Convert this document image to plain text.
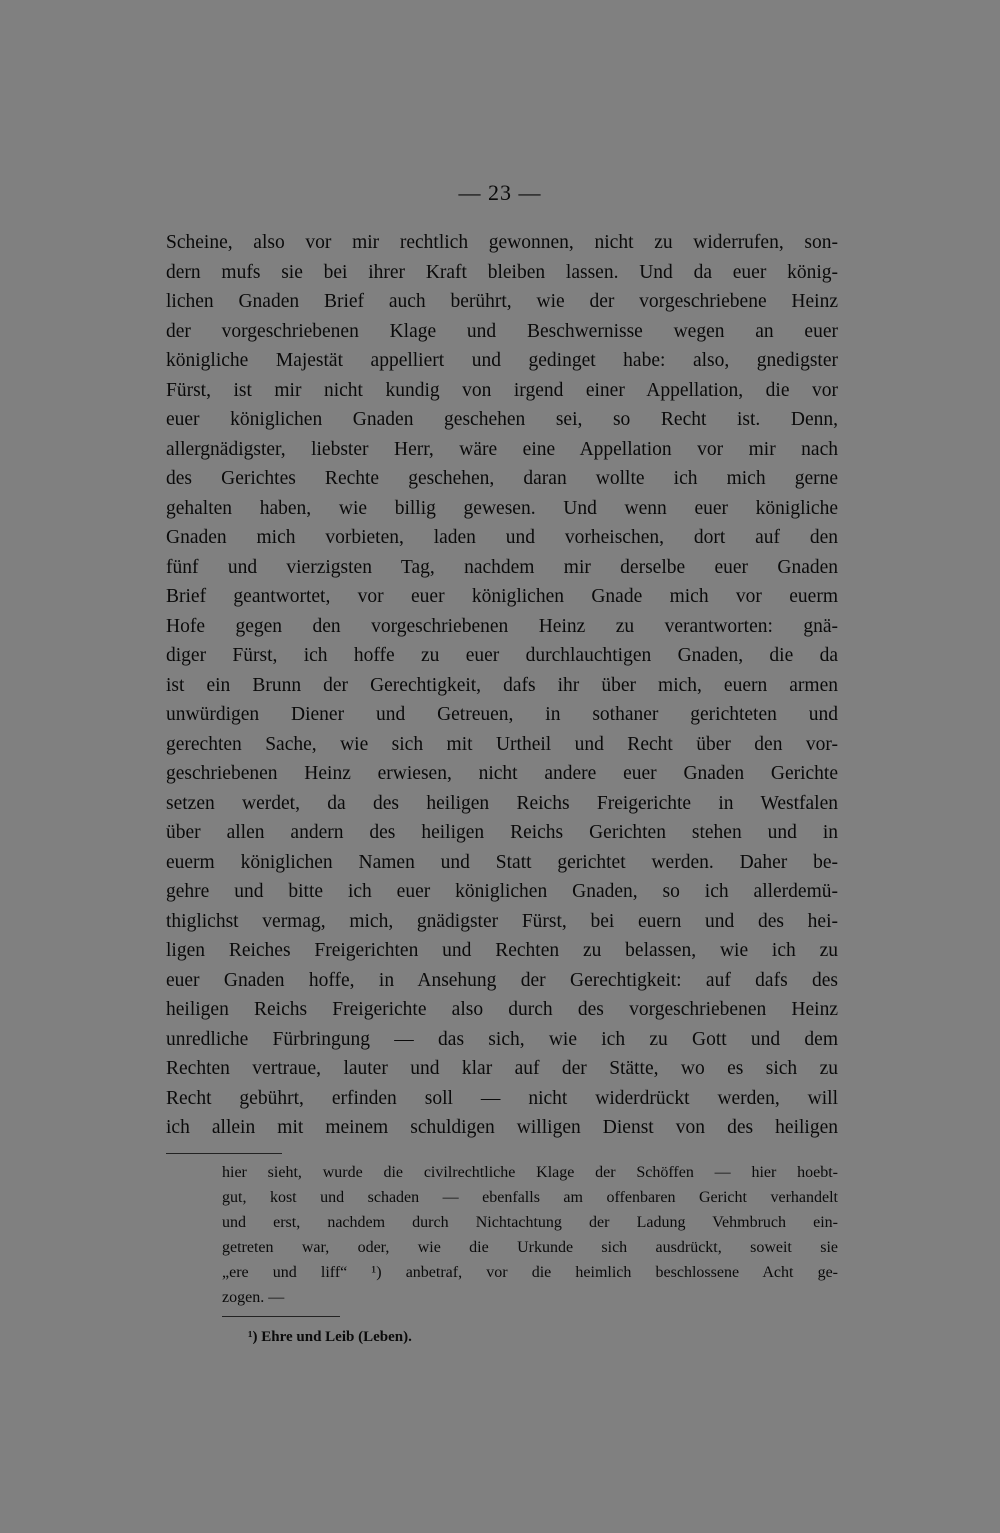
— 23 —
Scheine, also vor mir rechtlich gewonnen, nicht zu widerrufen, son-
dern mufs sie bei ihrer Kraft bleiben lassen. Und da euer könig-
lichen Gnaden Brief auch berührt, wie der vorgeschriebene Heinz
der vorgeschriebenen Klage und Beschwernisse wegen an euer
königliche Majestät appelliert und gedinget habe: also, gnedigster
Fürst, ist mir nicht kundig von irgend einer Appellation, die vor
euer königlichen Gnaden geschehen sei, so Recht ist. Denn,
allergnädigster, liebster Herr, wäre eine Appellation vor mir nach
des Gerichtes Rechte geschehen, daran wollte ich mich gerne
gehalten haben, wie billig gewesen. Und wenn euer königliche
Gnaden mich vorbieten, laden und vorheischen, dort auf den
fünf und vierzigsten Tag, nachdem mir derselbe euer Gnaden
Brief geantwortet, vor euer königlichen Gnade mich vor euerm
Hofe gegen den vorgeschriebenen Heinz zu verantworten: gnä-
diger Fürst, ich hoffe zu euer durchlauchtigen Gnaden, die da
ist ein Brunn der Gerechtigkeit, dafs ihr über mich, euern armen
unwürdigen Diener und Getreuen, in sothaner gerichteten und
gerechten Sache, wie sich mit Urtheil und Recht über den vor-
geschriebenen Heinz erwiesen, nicht andere euer Gnaden Gerichte
setzen werdet, da des heiligen Reichs Freigerichte in Westfalen
über allen andern des heiligen Reichs Gerichten stehen und in
euerm königlichen Namen und Statt gerichtet werden. Daher be-
gehre und bitte ich euer königlichen Gnaden, so ich allerdemü-
thiglichst vermag, mich, gnädigster Fürst, bei euern und des hei-
ligen Reiches Freigerichten und Rechten zu belassen, wie ich zu
euer Gnaden hoffe, in Ansehung der Gerechtigkeit: auf dafs des
heiligen Reichs Freigerichte also durch des vorgeschriebenen Heinz
unredliche Fürbringung — das sich, wie ich zu Gott und dem
Rechten vertraue, lauter und klar auf der Stätte, wo es sich zu
Recht gebührt, erfinden soll — nicht widerdrückt werden, will
ich allein mit meinem schuldigen willigen Dienst von des heiligen
hier sieht, wurde die civilrechtliche Klage der Schöffen — hier hoebt-
gut, kost und schaden — ebenfalls am offenbaren Gericht verhandelt
und erst, nachdem durch Nichtachtung der Ladung Vehmbruch ein-
getreten war, oder, wie die Urkunde sich ausdrückt, soweit sie
„ere und liff“ ¹) anbetraf, vor die heimlich beschlossene Acht ge-
zogen. —
¹) Ehre und Leib (Leben).
